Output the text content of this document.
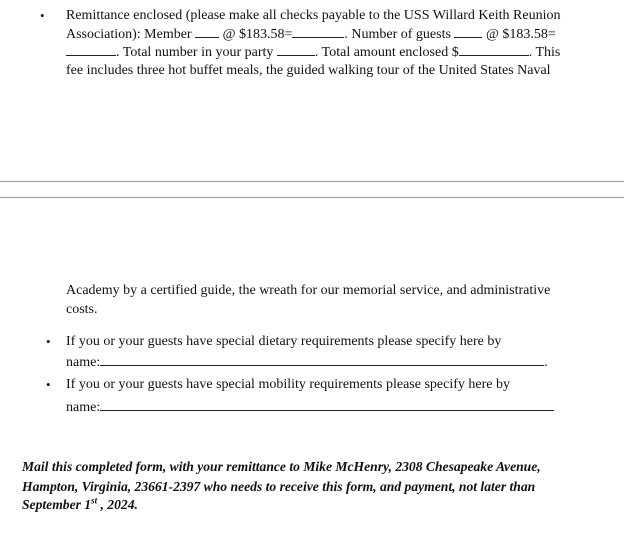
• Remittance enclosed (please make all checks payable to the USS Willard Keith Reunion
Association): Member @ $183.58=	. Number of guests	@ $183.58=
. Total number in your party	. Total amount enclosed $	. This
fee includes three hot buffet meals, the guided walking tour of the United States Naval
Academy by a certified guide, the wreath for our memorial service, and administrative
costs.
• If you or your guests have special dietary requirements please specify here by
name:	.
• If you or your guests have special mobility requirements please specify here by
name:
Mail this completed form, with your remittance to Mike McHenry, 2308 Chesapeake Avenue,
Hampton, Virginia, 23661-2397 who needs to receive this form, and payment, not later than
September 1st , 2024.
